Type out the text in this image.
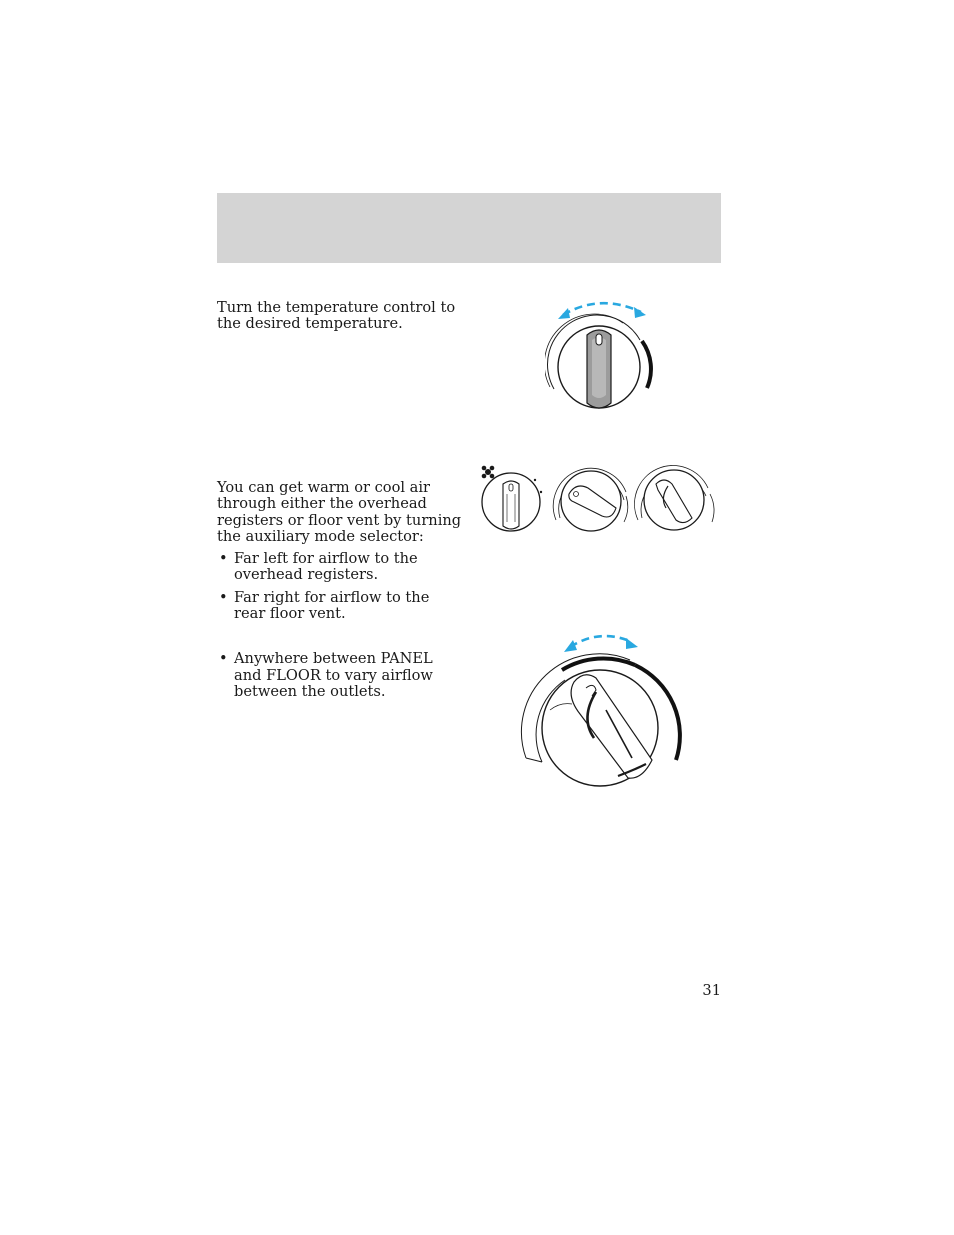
Turn the temperature control to the desired temperature.

You can get warm or cool air through either the overhead registers or floor vent by turning the auxiliary mode selector:

• Far left for airflow to the overhead registers.
• Far right for airflow to the rear floor vent.
• Anywhere between PANEL and FLOOR to vary airflow between the outlets.
31
